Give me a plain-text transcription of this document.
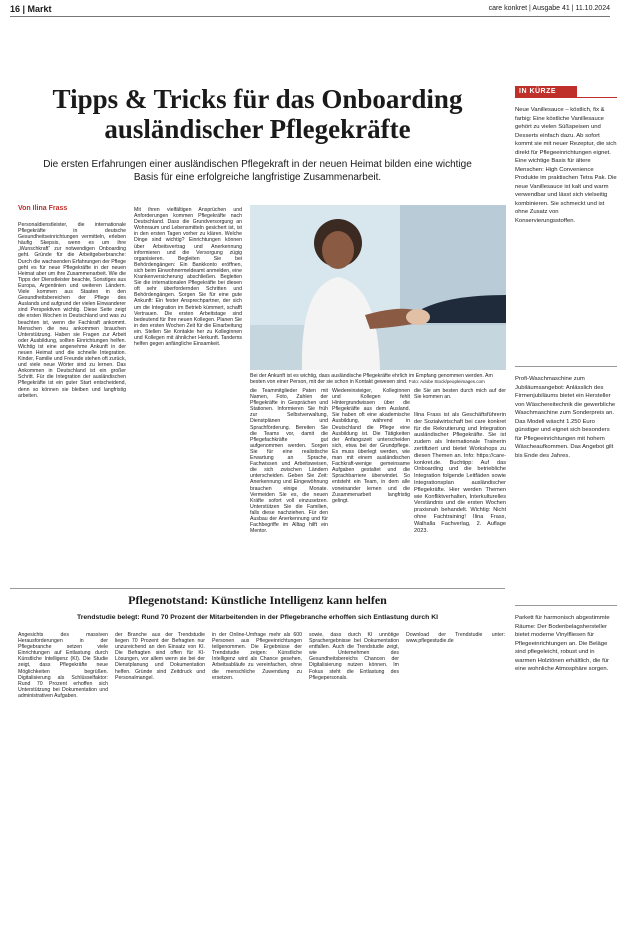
16 | Markt	care konkret | Ausgabe 41 | 11.10.2024
Tipps & Tricks für das Onboarding
ausländischer Pflegekräfte

Die ersten Erfahrungen einer ausländischen Pflegekraft in der neuen Heimat bilden eine wichtige Basis für eine erfolgreiche langfristige Zusammenarbeit.

Von Ilina Frass

Personaldienstleister, die internationale Pflegekräfte in deutsche Gesundheitseinrichtungen vermitteln, erleben häufig Skepsis, wenn es um ihre „Wunschkraft“ zur notwendigen Onboarding geht. Gründe für die Arbeitgeberbranche: Durch die wachsenden Erfahrungen der Pflege geht es für neue Pflegekräfte in der neuen Heimat aber um ihre Zusammenarbeit. Wie die Tipps der Dienstleister beachte, Sonstiges aus Europa, Argentinien und weiteren Ländern. Viele kommen aus Staaten in den Gesundheitsbereichen der Pflege des Auslands und aufgrund der vielen Einwanderer sind Perspektiven wichtig. Diese Seite zeigt die ersten Wochen in Deutschland und was zu beachten ist, wenn die Fachkraft ankommt. Menschen die neu ankommen brauchen Unterstützung. Haben sie Fragen zur Arbeit oder Ausbildung, sollten Einrichtungen helfen. Wichtig ist eine angenehme Ankunft in der neuen Heimat und die schnelle Integration. Kinder, Familie und Freunde stehen oft zurück, und viele neue Wörter sind zu lernen. Das Ankommen in Deutschland ist ein großer Schritt. Für die Integration der ausländischen Pflegekräfte ist ein guter Start entscheidend, denn so können sie bleiben und langfristig arbeiten.

Mit ihren vielfältigen Ansprüchen und Anforderungen kommen Pflegekräfte nach Deutschland. Dass die Grundversorgung an Wohnraum und Lebensmitteln gesichert ist, ist in den ersten Tagen vorher zu klären. Welche Dinge sind wichtig? Einrichtungen können über Arbeitsvertrag und Anerkennung informieren und die Versorgung zügig organisieren. Begleiten Sie bei Behördengängen: Ein Bankkonto eröffnen, sich beim Einwohnermeldeamt anmelden, eine Krankenversicherung abschließen. Begleiten Sie die internationalen Pflegekräfte bei diesen oft sehr überfordernden Schritten und Behördengängen. Sorgen Sie für eine gute Ankunft: Ein fester Ansprechpartner, der sich um die Integration im Betrieb kümmert, schafft Vertrauen. Die ersten Arbeitstage sind bedeutend für Ihre neuen Kollegen. Planen Sie in den ersten Wochen Zeit für die Einarbeitung ein. Stellen Sie Kontakte her zu Kolleginnen und Kollegen mit ähnlicher Herkunft. Tandems helfen gegen anfängliche Einsamkeit.

Bei der Ankunft ist es wichtig, dass ausländische Pflegekräfte ehrlich im Empfang genommen werden. Am besten von einer Person, mit der sie schon in Kontakt gewesen sind. Foto: Adobe Stock/peopleimages.com

die Teammitglieder Paten mit Namen, Foto, Zahlen der Pflegekräfte in Gesprächen und Stationen. Informieren Sie früh zur Selbstverwaltung, Dienstplänen und Sprachförderung. Bereiten Sie die Teams vor, damit die Pflegefachkräfte gut aufgenommen werden. Sorgen Sie für eine realistische Erwartung an Sprache, Fachwissen und Arbeitsweisen, die sich zwischen Ländern unterscheiden. Geben Sie Zeit: Anerkennung und Eingewöhnung brauchen einige Monate. Vermeiden Sie es, die neuen Kräfte sofort voll einzusetzen. Unterstützen Sie die Familien, falls diese nachziehen. Für den Ausbau der Anerkennung und für Fachbegriffe im Alltag hilft ein Mentor.

Wiedereinsteiger, Kolleginnen und Kollegen fehlt Hintergrundwissen über die Pflegekräfte aus dem Ausland. Sie haben oft eine akademische Ausbildung, während in Deutschland die Pflege eine Ausbildung ist. Die Tätigkeiten der Anfangszeit unterscheiden sich, etwa bei der Grundpflege. Es muss überlegt werden, wie man mit einem ausländischen Fachkraft-wenige gemeinsame Aufgaben gestaltet und die Sprachbarriere überwindet. So entsteht ein Team, in dem alle voneinander lernen und die Zusammenarbeit langfristig gelingt.

die Sie am besten durch mich auf der Sie kommen an.

Ilina Frass ist als Geschäftsführerin der Sozialwirtschaft bei care konkret für die Rekrutierung und Integration ausländischer Pflegekräfte. Sie ist zudem als Internationale Trainerin zertifiziert und bietet Workshops zu diesen Themen an. Info: https://care-konkret.de. Buchtipp: Auf das Onboarding und die betriebliche Integration folgende Leitfäden sowie Integrationsplan ausländischer Pflegekräfte. Hier werden Themen wie Konfliktverhalten, Interkulturelles Verständnis und die ersten Wochen praxisnah behandelt. Wichtig: Nicht ohne Fachtraining! Ilina Frass, Walhalla Fachverlag, 2. Auflage 2023.

Pflegenotstand: Künstliche Intelligenz kann helfen

Trendstudie belegt: Rund 70 Prozent der Mitarbeitenden in der Pflegebranche erhoffen sich Entlastung durch KI

Angesichts des massiven Herausforderungen in der Pflegebranche setzen viele Einrichtungen auf Entlastung durch Künstliche Intelligenz (KI). Die Studie zeigt, dass Pflegekräfte neue Möglichkeiten begrüßen. Digitalisierung als Schlüsselfaktor: Rund 70 Prozent erhoffen sich Unterstützung bei Dokumentation und administrativen Aufgaben.

der Branche aus der Trendstudie liegen 70 Prozent der Befragten nur unzureichend an den Einsatz von KI. Die Befragten sind offen für KI-Lösungen, vor allem wenn sie bei der Dienstplanung und Dokumentation helfen. Gründe sind Zeitdruck und Personalmangel.

in der Online-Umfrage mehr als 600 Personen aus Pflegeeinrichtungen teilgenommen. Die Ergebnisse der Trendstudie zeigen: Künstliche Intelligenz wird als Chance gesehen, Arbeitsabläufe zu vereinfachen, ohne die menschliche Zuwendung zu ersetzen.

sowie, dass durch KI unnötige Sprachergebnisse bei Dokumentation entfallen. Auch die Trendstudie zeigt, wie Unternehmen des Gesundheitsbereichs Chancen der Digitalisierung nutzen können. Im Fokus steht die Entlastung des Pflegepersonals.

Download der Trendstudie unter: www.pflegestudie.de

IN KÜRZE
Neue Vanillesauce – köstlich, fix & farbig: Eine köstliche Vanillesauce gehört zu vielen Süßspeisen und Desserts einfach dazu. Ab sofort kommt sie mit neuer Rezeptur, die sich direkt für Pflegeeinrichtungen eignet. Eine wichtige Basis für ältere Menschen: High Convenience Produkte im praktischen Tetra Pak. Die neue Vanillesauce ist kalt und warm verwendbar und lässt sich vielseitig kombinieren. Sie schmeckt und ist ohne Zusatz von Konservierungsstoffen.
Profi-Waschmaschine zum Jubiläumsangebot: Anlässlich des Firmenjubiläums bietet ein Hersteller von Wäschereitechnik die gewerbliche Waschmaschine zum Sonderpreis an. Das Modell wäscht 1.250 Euro günstiger und eignet sich besonders für Pflegeeinrichtungen mit hohem Wäscheaufkommen. Das Angebot gilt bis Ende des Jahres.
Parkett für harmonisch abgestimmte Räume: Der Bodenbelagshersteller bietet moderne Vinylfliesen für Pflegeeinrichtungen an. Die Beläge sind pflegeleicht, robust und in warmen Holztönen erhältlich, die für eine wohnliche Atmosphäre sorgen.
